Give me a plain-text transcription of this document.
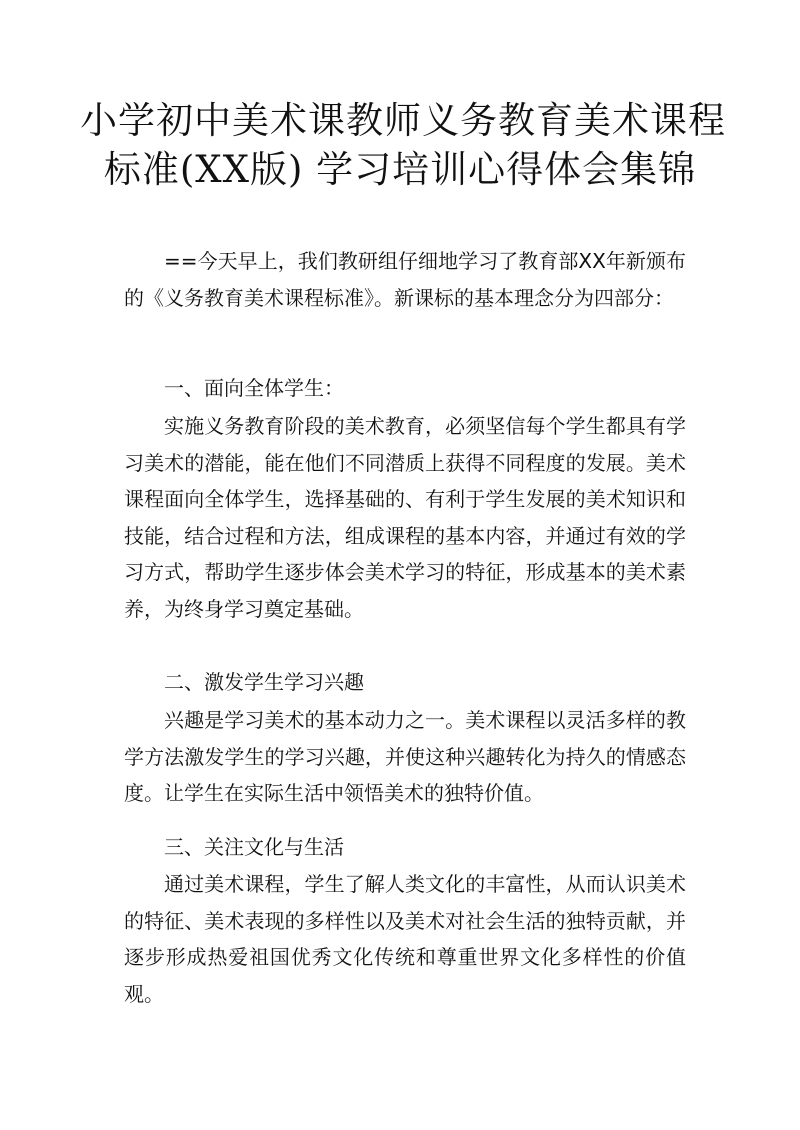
小学初中美术课教师义务教育美术课程
标准(XX版) 学习培训心得体会集锦

==今天早上，我们教研组仔细地学习了教育部XX年新颁布的《义务教育美术课程标准》。新课标的基本理念分为四部分：

一、面向全体学生：

实施义务教育阶段的美术教育，必须坚信每个学生都具有学习美术的潜能，能在他们不同潜质上获得不同程度的发展。美术课程面向全体学生，选择基础的、有利于学生发展的美术知识和技能，结合过程和方法，组成课程的基本内容，并通过有效的学习方式，帮助学生逐步体会美术学习的特征，形成基本的美术素养，为终身学习奠定基础。

二、激发学生学习兴趣

兴趣是学习美术的基本动力之一。美术课程以灵活多样的教学方法激发学生的学习兴趣，并使这种兴趣转化为持久的情感态度。让学生在实际生活中领悟美术的独特价值。

三、关注文化与生活

通过美术课程，学生了解人类文化的丰富性，从而认识美术的特征、美术表现的多样性以及美术对社会生活的独特贡献，并逐步形成热爱祖国优秀文化传统和尊重世界文化多样性的价值观。
